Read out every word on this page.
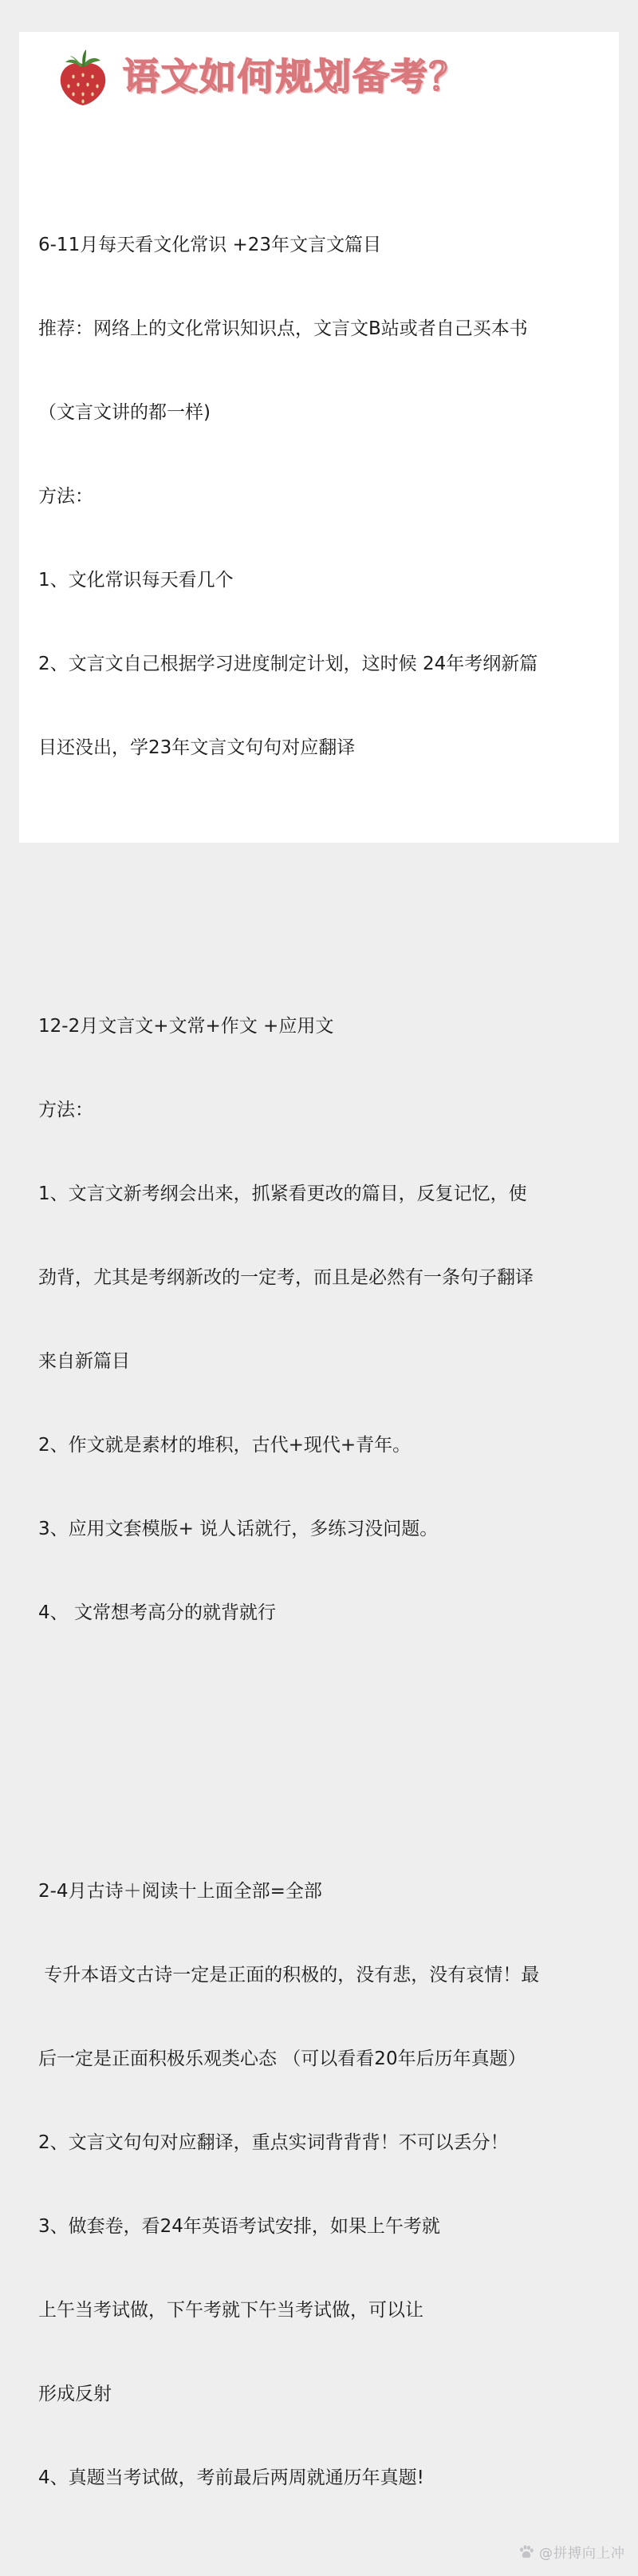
语文如何规划备考？

6-11月每天看文化常识 +23年文言文篇目

推荐：网络上的文化常识知识点，文言文B站或者自己买本书

（文言文讲的都一样)

方法：

1、文化常识每天看几个

2、文言文自己根据学习进度制定计划，这时候 24年考纲新篇

目还没出，学23年文言文句句对应翻译

12-2月文言文+文常+作文 +应用文

方法：

1、文言文新考纲会出来，抓紧看更改的篇目，反复记忆，使

劲背，尤其是考纲新改的一定考，而且是必然有一条句子翻译

来自新篇目

2、作文就是素材的堆积，古代+现代+青年。

3、应用文套模版+ 说人话就行，多练习没问题。

4、 文常想考高分的就背就行

2-4月古诗＋阅读十上面全部=全部

专升本语文古诗一定是正面的积极的，没有悲，没有哀情！最

后一定是正面积极乐观类心态 （可以看看20年后历年真题）

2、文言文句句对应翻译，重点实词背背背！不可以丢分！

3、做套卷，看24年英语考试安排，如果上午考就

上午当考试做，下午考就下午当考试做，可以让

形成反射

4、真题当考试做，考前最后两周就通历年真题!

@拼搏向上冲
